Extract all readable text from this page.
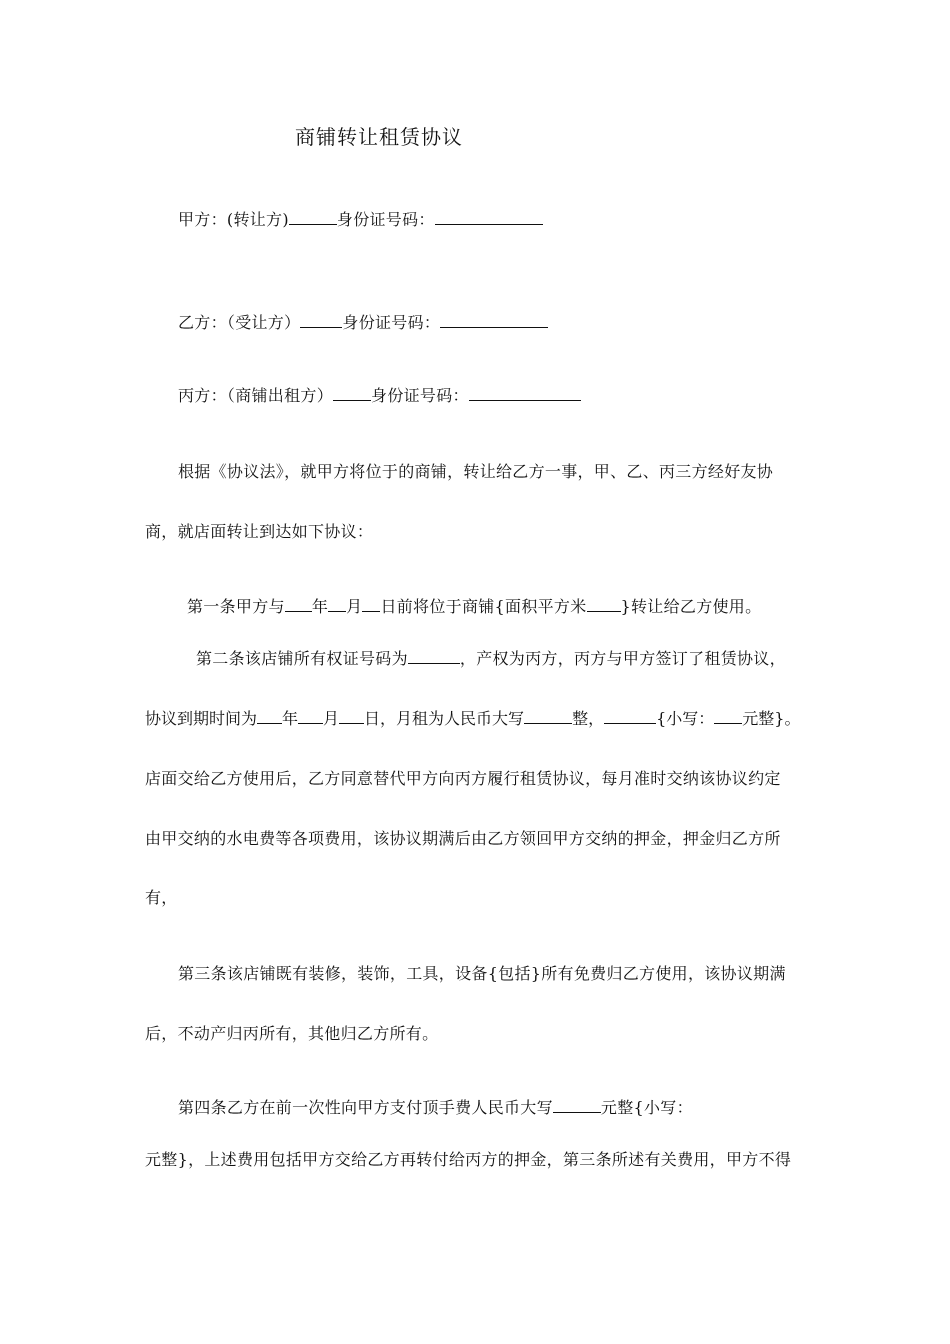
商铺转让租赁协议
甲方：(转让方)	身份证号码：
乙方：（受让方）	身份证号码：
丙方：（商铺出租方） 身份证号码：
根据《协议法》，就甲方将位于的商铺，转让给乙方一事，甲、乙、丙三方经好友协
商，就店面转让到达如下协议：
第一条甲方与 年 月 日前将位于商铺{面积平方米 }转让给乙方使用。
第二条该店铺所有权证号码为	，产权为丙方，丙方与甲方签订了租赁协议，
协议到期时间为 年 月 日，月租为人民币大写	整，	{小写： 元整}。
店面交给乙方使用后，乙方同意替代甲方向丙方履行租赁协议，每月准时交纳该协议约定
由甲交纳的水电费等各项费用，该协议期满后由乙方领回甲方交纳的押金，押金归乙方所
有，
第三条该店铺既有装修，装饰，工具，设备{包括}所有免费归乙方使用，该协议期满
后，不动产归丙所有，其他归乙方所有。
第四条乙方在前一次性向甲方支付顶手费人民币大写	元整{小写：
元整}，上述费用包括甲方交给乙方再转付给丙方的押金，第三条所述有关费用，甲方不得
